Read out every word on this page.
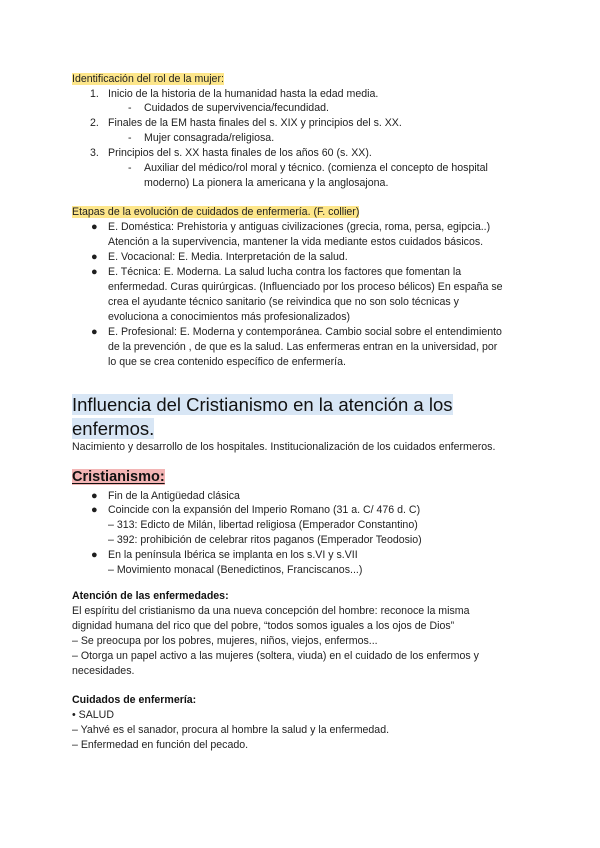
Identificación del rol de la mujer:
1. Inicio de la historia de la humanidad hasta la edad media.
- Cuidados de supervivencia/fecundidad.
2. Finales de la EM hasta finales del s. XIX y principios del s. XX.
- Mujer consagrada/religiosa.
3. Principios del s. XX hasta finales de los años 60 (s. XX).
- Auxiliar del médico/rol moral y técnico. (comienza el concepto de hospital
moderno) La pionera la americana y la anglosajona.
Etapas de la evolución de cuidados de enfermería. (F. collier)
● E. Doméstica: Prehistoria y antiguas civilizaciones (grecia, roma, persa, egipcia..)
Atención a la supervivencia, mantener la vida mediante estos cuidados básicos.
● E. Vocacional: E. Media. Interpretación de la salud.
● E. Técnica: E. Moderna. La salud lucha contra los factores que fomentan la
enfermedad. Curas quirúrgicas. (Influenciado por los proceso bélicos) En españa se
crea el ayudante técnico sanitario (se reivindica que no son solo técnicas y
evoluciona a conocimientos más profesionalizados)
● E. Profesional: E. Moderna y contemporánea. Cambio social sobre el entendimiento
de la prevención , de que es la salud. Las enfermeras entran en la universidad, por
lo que se crea contenido específico de enfermería.
Influencia del Cristianismo en la atención a los
enfermos.
Nacimiento y desarrollo de los hospitales. Institucionalización de los cuidados enfermeros.
Cristianismo:
● Fin de la Antigüedad clásica
● Coincide con la expansión del Imperio Romano (31 a. C/ 476 d. C)
– 313: Edicto de Milán, libertad religiosa (Emperador Constantino)
– 392: prohibición de celebrar ritos paganos (Emperador Teodosio)
● En la península Ibérica se implanta en los s.VI y s.VII
– Movimiento monacal (Benedictinos, Franciscanos...)
Atención de las enfermedades:
El espíritu del cristianismo da una nueva concepción del hombre: reconoce la misma
dignidad humana del rico que del pobre, “todos somos iguales a los ojos de Dios”
– Se preocupa por los pobres, mujeres, niños, viejos, enfermos...
– Otorga un papel activo a las mujeres (soltera, viuda) en el cuidado de los enfermos y
necesidades.
Cuidados de enfermería:
• SALUD
– Yahvé es el sanador, procura al hombre la salud y la enfermedad.
– Enfermedad en función del pecado.
